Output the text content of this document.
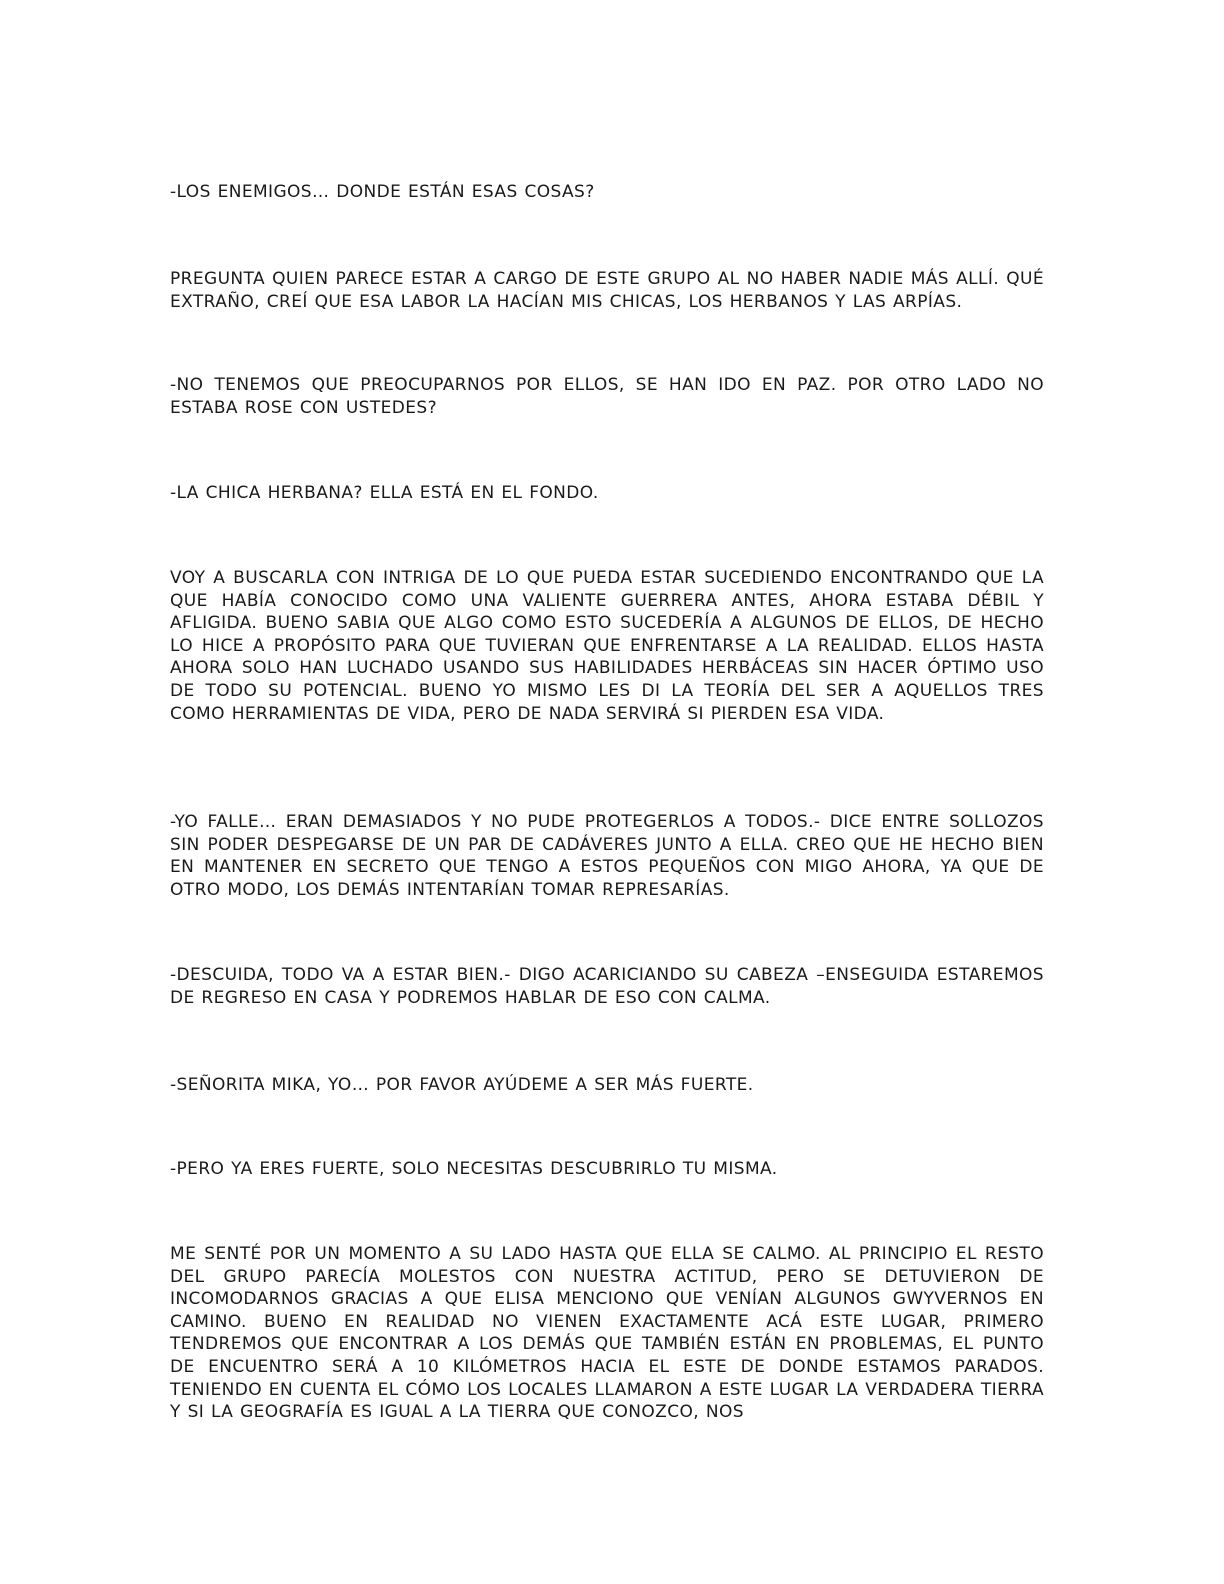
-LOS ENEMIGOS… DONDE ESTÁN ESAS COSAS?

PREGUNTA QUIEN PARECE ESTAR A CARGO DE ESTE GRUPO AL NO HABER NADIE MÁS ALLÍ. QUÉ EXTRAÑO, CREÍ QUE ESA LABOR LA HACÍAN MIS CHICAS, LOS HERBANOS Y LAS ARPÍAS.

-NO TENEMOS QUE PREOCUPARNOS POR ELLOS, SE HAN IDO EN PAZ. POR OTRO LADO NO ESTABA ROSE CON USTEDES?

-LA CHICA HERBANA? ELLA ESTÁ EN EL FONDO.

VOY A BUSCARLA CON INTRIGA DE LO QUE PUEDA ESTAR SUCEDIENDO ENCONTRANDO QUE LA QUE HABÍA CONOCIDO COMO UNA VALIENTE GUERRERA ANTES, AHORA ESTABA DÉBIL Y AFLIGIDA. BUENO SABIA QUE ALGO COMO ESTO SUCEDERÍA A ALGUNOS DE ELLOS, DE HECHO LO HICE A PROPÓSITO PARA QUE TUVIERAN QUE ENFRENTARSE A LA REALIDAD. ELLOS HASTA AHORA SOLO HAN LUCHADO USANDO SUS HABILIDADES HERBÁCEAS SIN HACER ÓPTIMO USO DE TODO SU POTENCIAL. BUENO YO MISMO LES DI LA TEORÍA DEL SER A AQUELLOS TRES COMO HERRAMIENTAS DE VIDA, PERO DE NADA SERVIRÁ SI PIERDEN ESA VIDA.

-YO FALLE… ERAN DEMASIADOS Y NO PUDE PROTEGERLOS A TODOS.- DICE ENTRE SOLLOZOS SIN PODER DESPEGARSE DE UN PAR DE CADÁVERES JUNTO A ELLA. CREO QUE HE HECHO BIEN EN MANTENER EN SECRETO QUE TENGO A ESTOS PEQUEÑOS CON MIGO AHORA, YA QUE DE OTRO MODO, LOS DEMÁS INTENTARÍAN TOMAR REPRESARÍAS.

-DESCUIDA, TODO VA A ESTAR BIEN.- DIGO ACARICIANDO SU CABEZA –ENSEGUIDA ESTAREMOS DE REGRESO EN CASA Y PODREMOS HABLAR DE ESO CON CALMA.

-SEÑORITA MIKA, YO… POR FAVOR AYÚDEME A SER MÁS FUERTE.

-PERO YA ERES FUERTE, SOLO NECESITAS DESCUBRIRLO TU MISMA.

ME SENTÉ POR UN MOMENTO A SU LADO HASTA QUE ELLA SE CALMO. AL PRINCIPIO EL RESTO DEL GRUPO PARECÍA MOLESTOS CON NUESTRA ACTITUD, PERO SE DETUVIERON DE INCOMODARNOS GRACIAS A QUE ELISA MENCIONO QUE VENÍAN ALGUNOS GWYVERNOS EN CAMINO. BUENO EN REALIDAD NO VIENEN EXACTAMENTE ACÁ ESTE LUGAR, PRIMERO TENDREMOS QUE ENCONTRAR A LOS DEMÁS QUE TAMBIÉN ESTÁN EN PROBLEMAS, EL PUNTO DE ENCUENTRO SERÁ A 10 KILÓMETROS HACIA EL ESTE DE DONDE ESTAMOS PARADOS. TENIENDO EN CUENTA EL CÓMO LOS LOCALES LLAMARON A ESTE LUGAR LA VERDADERA TIERRA Y SI LA GEOGRAFÍA ES IGUAL A LA TIERRA QUE CONOZCO, NOS
